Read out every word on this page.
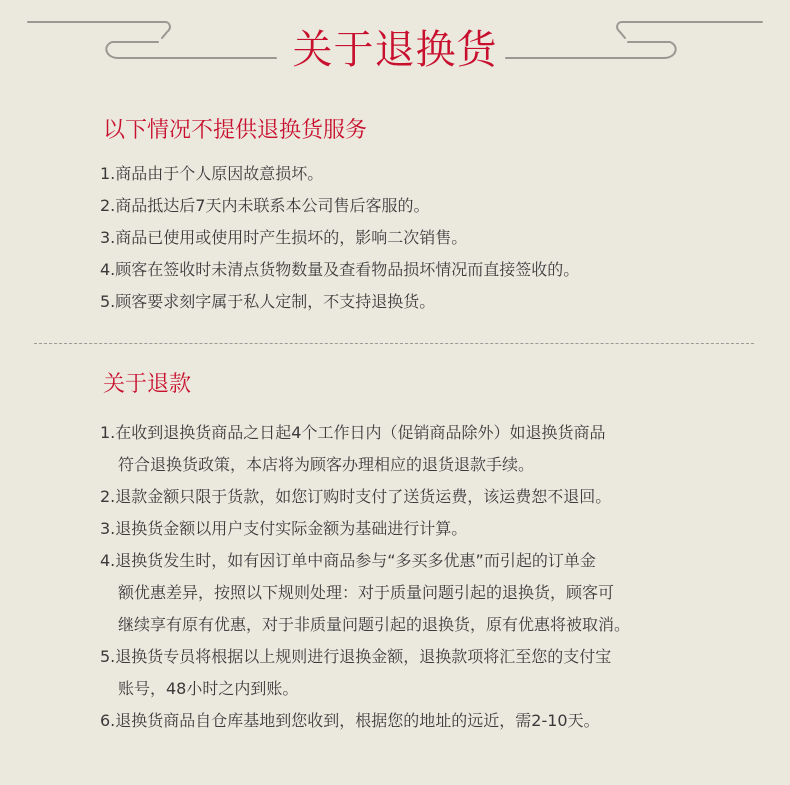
关于退换货
以下情况不提供退换货服务
1.商品由于个人原因故意损坏。
2.商品抵达后7天内未联系本公司售后客服的。
3.商品已使用或使用时产生损坏的，影响二次销售。
4.顾客在签收时未清点货物数量及查看物品损坏情况而直接签收的。
5.顾客要求刻字属于私人定制，不支持退换货。
关于退款
1.在收到退换货商品之日起4个工作日内（促销商品除外）如退换货商品
符合退换货政策，本店将为顾客办理相应的退货退款手续。
2.退款金额只限于货款，如您订购时支付了送货运费，该运费恕不退回。
3.退换货金额以用户支付实际金额为基础进行计算。
4.退换货发生时，如有因订单中商品参与“多买多优惠”而引起的订单金
额优惠差异，按照以下规则处理：对于质量问题引起的退换货，顾客可
继续享有原有优惠，对于非质量问题引起的退换货，原有优惠将被取消。
5.退换货专员将根据以上规则进行退换金额，退换款项将汇至您的支付宝
账号，48小时之内到账。
6.退换货商品自仓库基地到您收到，根据您的地址的远近，需2-10天。
